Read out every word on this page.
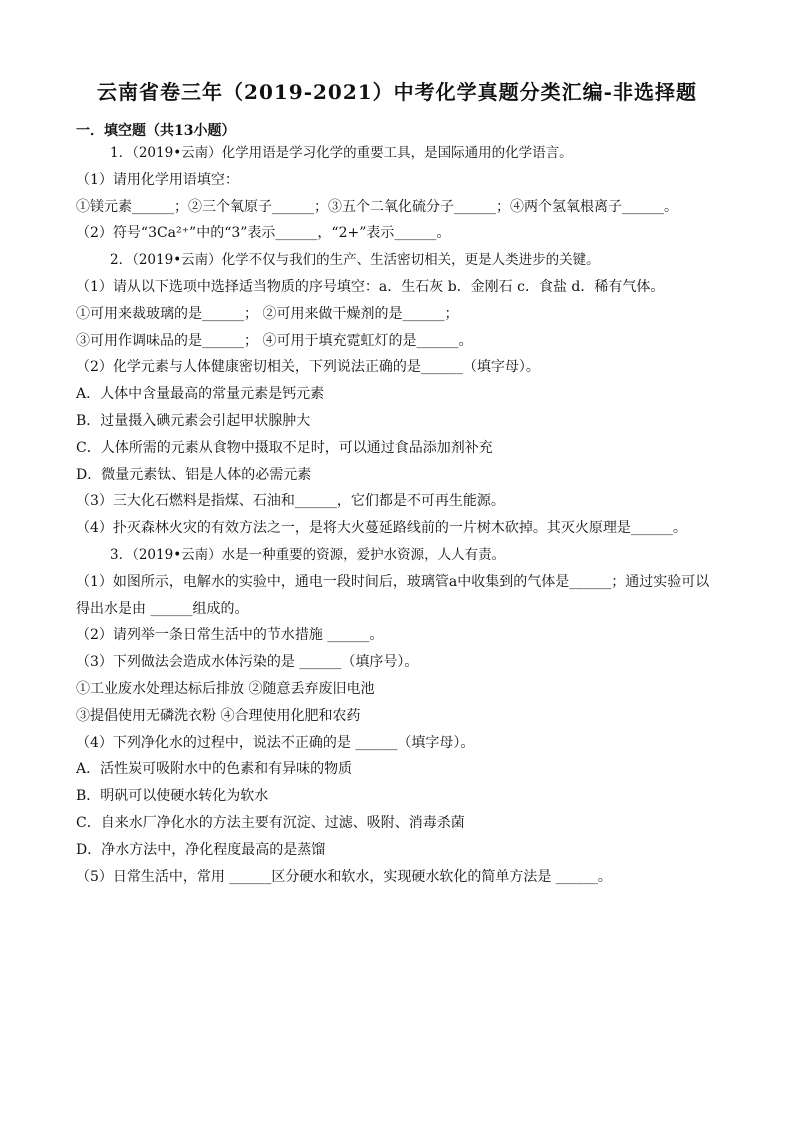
云南省卷三年（2019-2021）中考化学真题分类汇编-非选择题
一．填空题（共13小题）
1．（2019•云南）化学用语是学习化学的重要工具，是国际通用的化学语言。
（1）请用化学用语填空：
①镁元素______；②三个氧原子______；③五个二氧化硫分子______；④两个氢氧根离子______。
（2）符号“3Ca²⁺”中的“3”表示______，“2+”表示______。
2．（2019•云南）化学不仅与我们的生产、生活密切相关，更是人类进步的关键。
（1）请从以下选项中选择适当物质的序号填空：a．生石灰 b．金刚石 c．食盐 d．稀有气体。
①可用来裁玻璃的是______； ②可用来做干燥剂的是______；
③可用作调味品的是______； ④可用于填充霓虹灯的是______。
（2）化学元素与人体健康密切相关，下列说法正确的是______（填字母）。
A．人体中含量最高的常量元素是钙元素
B．过量摄入碘元素会引起甲状腺肿大
C．人体所需的元素从食物中摄取不足时，可以通过食品添加剂补充
D．微量元素钛、铝是人体的必需元素
（3）三大化石燃料是指煤、石油和______，它们都是不可再生能源。
（4）扑灭森林火灾的有效方法之一，是将大火蔓延路线前的一片树木砍掉。其灭火原理是______。
3．（2019•云南）水是一种重要的资源，爱护水资源，人人有责。
（1）如图所示，电解水的实验中，通电一段时间后，玻璃管a中收集到的气体是______；通过实验可以
得出水是由 ______组成的。
（2）请列举一条日常生活中的节水措施 ______。
（3）下列做法会造成水体污染的是 ______（填序号）。
①工业废水处理达标后排放 ②随意丢弃废旧电池
③提倡使用无磷洗衣粉 ④合理使用化肥和农药
（4）下列净化水的过程中，说法不正确的是 ______（填字母）。
A．活性炭可吸附水中的色素和有异味的物质
B．明矾可以使硬水转化为软水
C．自来水厂净化水的方法主要有沉淀、过滤、吸附、消毒杀菌
D．净水方法中，净化程度最高的是蒸馏
（5）日常生活中，常用 ______区分硬水和软水，实现硬水软化的简单方法是 ______。
